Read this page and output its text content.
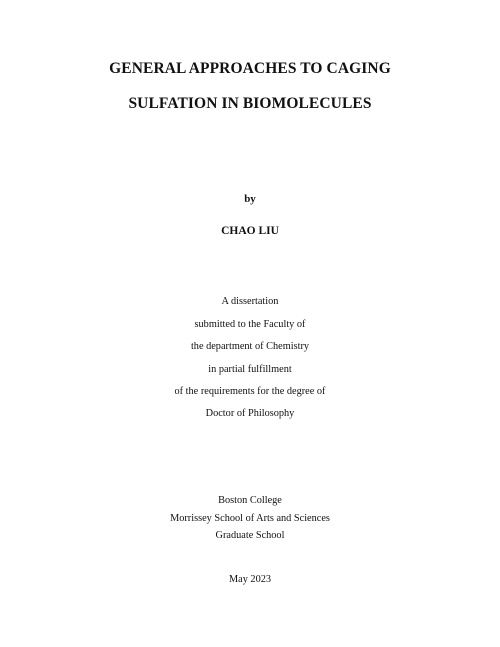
GENERAL APPROACHES TO CAGING
SULFATION IN BIOMOLECULES
by
CHAO LIU
A dissertation
submitted to the Faculty of
the department of Chemistry
in partial fulfillment
of the requirements for the degree of
Doctor of Philosophy
Boston College
Morrissey School of Arts and Sciences
Graduate School
May 2023
